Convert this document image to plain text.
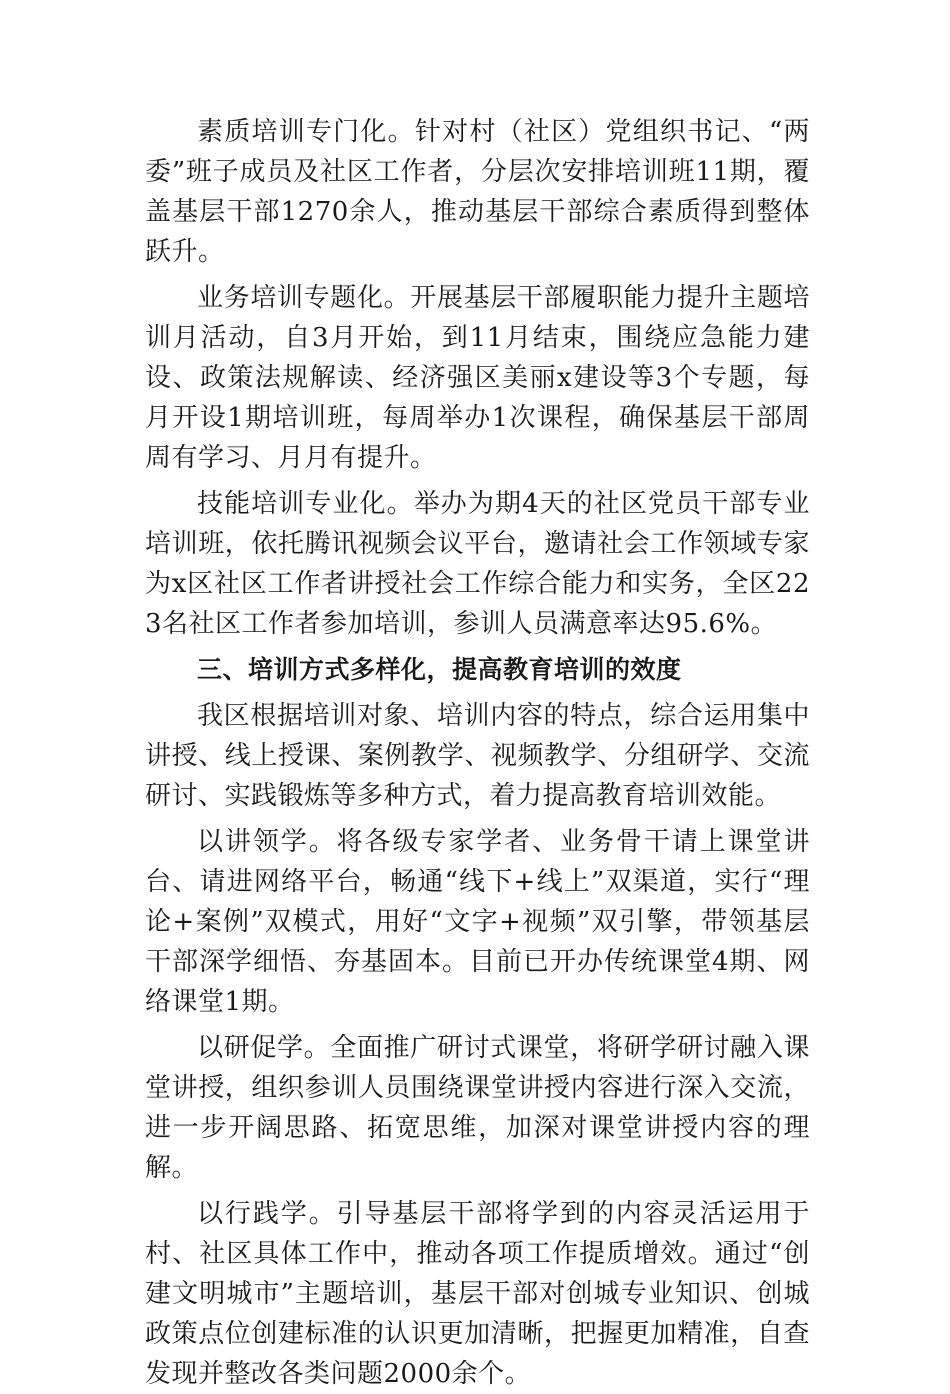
素质培训专门化。针对村（社区）党组织书记、“两委”班子成员及社区工作者，分层次安排培训班11期，覆盖基层干部1270余人，推动基层干部综合素质得到整体跃升。

业务培训专题化。开展基层干部履职能力提升主题培训月活动，自3月开始，到11月结束，围绕应急能力建设、政策法规解读、经济强区美丽x建设等3个专题，每月开设1期培训班，每周举办1次课程，确保基层干部周周有学习、月月有提升。

技能培训专业化。举办为期4天的社区党员干部专业培训班，依托腾讯视频会议平台，邀请社会工作领域专家为x区社区工作者讲授社会工作综合能力和实务，全区223名社区工作者参加培训，参训人员满意率达95.6%。

三、培训方式多样化，提高教育培训的效度

我区根据培训对象、培训内容的特点，综合运用集中讲授、线上授课、案例教学、视频教学、分组研学、交流研讨、实践锻炼等多种方式，着力提高教育培训效能。

以讲领学。将各级专家学者、业务骨干请上课堂讲台、请进网络平台，畅通“线下+线上”双渠道，实行“理论+案例”双模式，用好“文字+视频”双引擎，带领基层干部深学细悟、夯基固本。目前已开办传统课堂4期、网络课堂1期。

以研促学。全面推广研讨式课堂，将研学研讨融入课堂讲授，组织参训人员围绕课堂讲授内容进行深入交流，进一步开阔思路、拓宽思维，加深对课堂讲授内容的理解。

以行践学。引导基层干部将学到的内容灵活运用于村、社区具体工作中，推动各项工作提质增效。通过“创建文明城市”主题培训，基层干部对创城专业知识、创城政策点位创建标准的认识更加清晰，把握更加精准，自查发现并整改各类问题2000余个。
